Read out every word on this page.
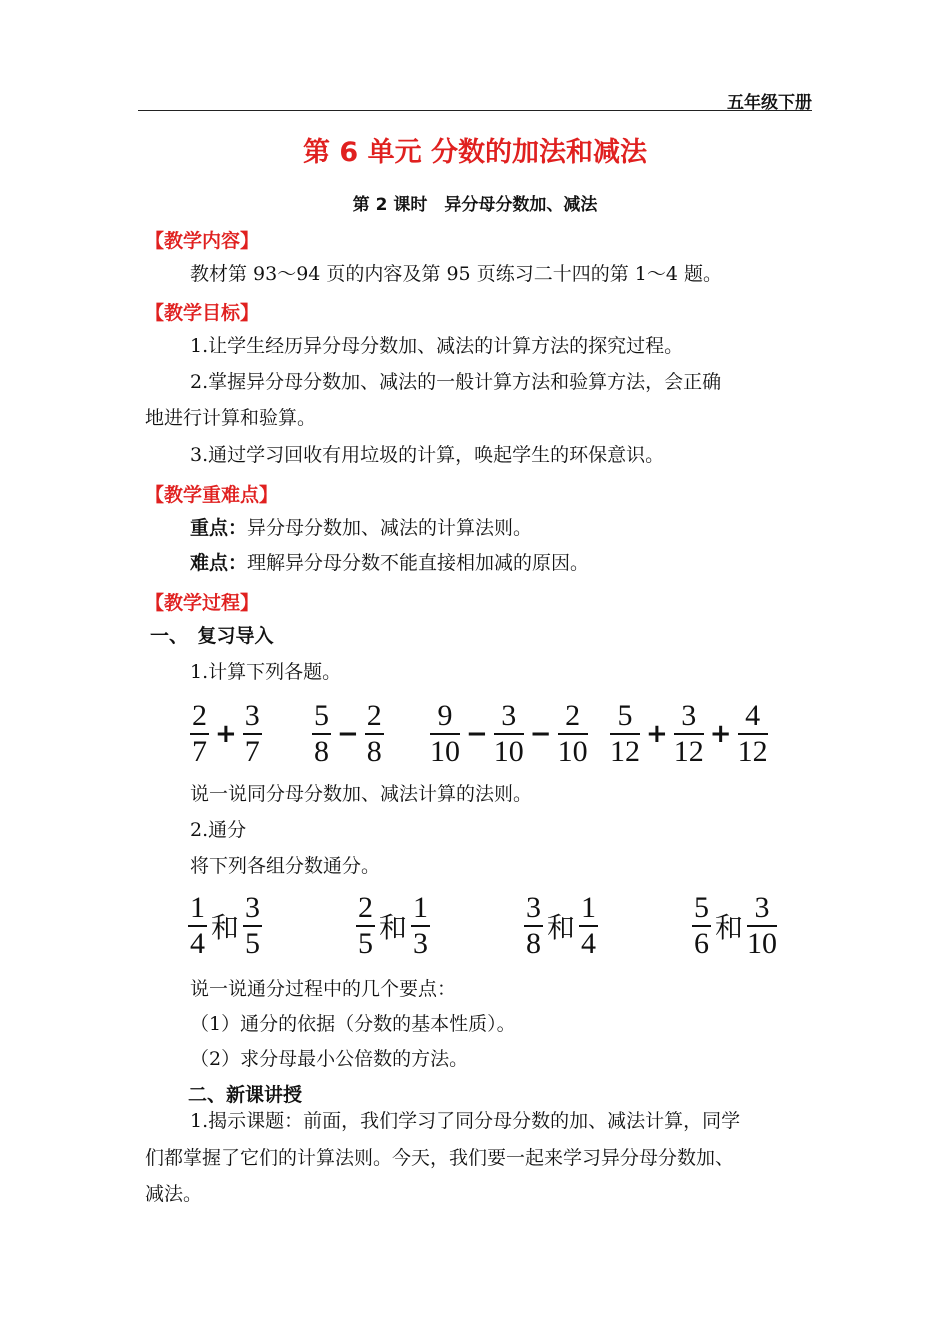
五年级下册
第 6 单元 分数的加法和减法
第 2 课时　异分母分数加、减法
【教学内容】
教材第 93～94 页的内容及第 95 页练习二十四的第 1～4 题。
【教学目标】
1.让学生经历异分母分数加、减法的计算方法的探究过程。
2.掌握异分母分数加、减法的一般计算方法和验算方法，会正确
地进行计算和验算。
3.通过学习回收有用垃圾的计算，唤起学生的环保意识。
【教学重难点】
重点：异分母分数加、减法的计算法则。
难点：理解异分母分数不能直接相加减的原因。
【教学过程】
一、　复习导入
1.计算下列各题。
$\frac{2}{7} + \frac{3}{7} \frac{5}{8} - \frac{2}{8} \frac{9}{10} - \frac{3}{10} - \frac{2}{10} \frac{5}{12} + \frac{3}{12} + \frac{4}{12}$
说一说同分母分数加、减法计算的法则。
2.通分
将下列各组分数通分。
$\frac{1}{4}$ 和 $\frac{3}{5}$	$\frac{2}{5}$ 和 $\frac{1}{3}$	$\frac{3}{8}$ 和 $\frac{1}{4}$	$\frac{5}{6}$ 和 $\frac{3}{10}$
说一说通分过程中的几个要点：
（1）通分的依据（分数的基本性质）。
（2）求分母最小公倍数的方法。
二、新课讲授
1.揭示课题：前面，我们学习了同分母分数的加、减法计算，同学
们都掌握了它们的计算法则。今天，我们要一起来学习异分母分数加、
减法。
